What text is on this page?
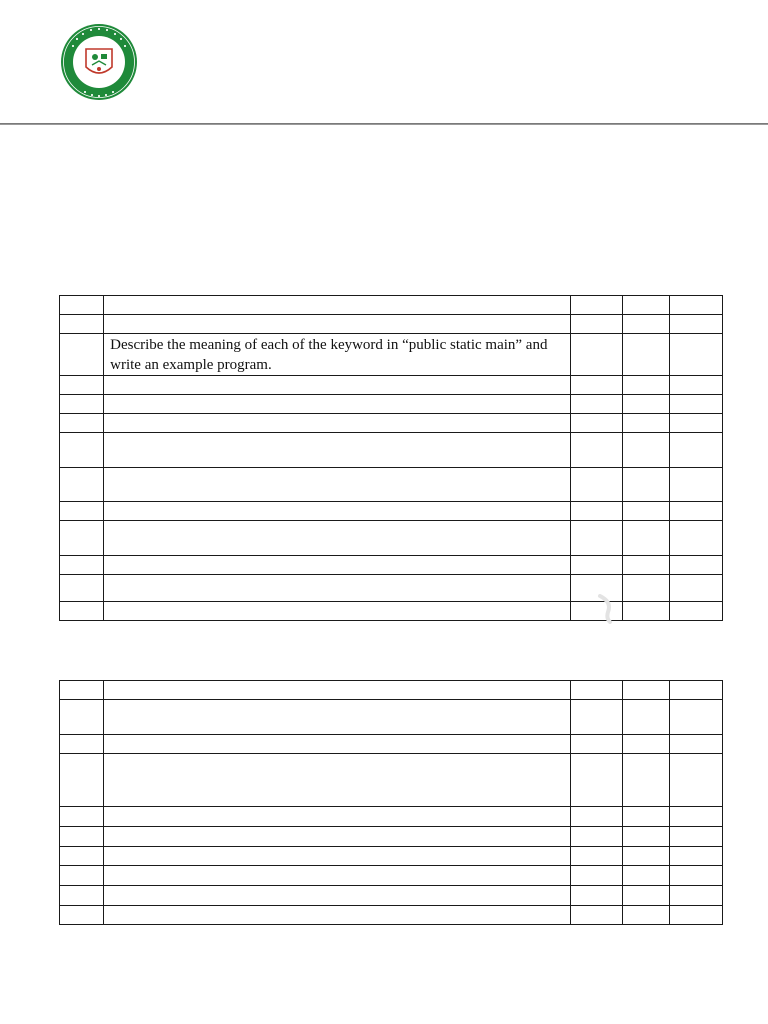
	Describe the meaning of each of the keyword in “public static main” and write an example program.			
